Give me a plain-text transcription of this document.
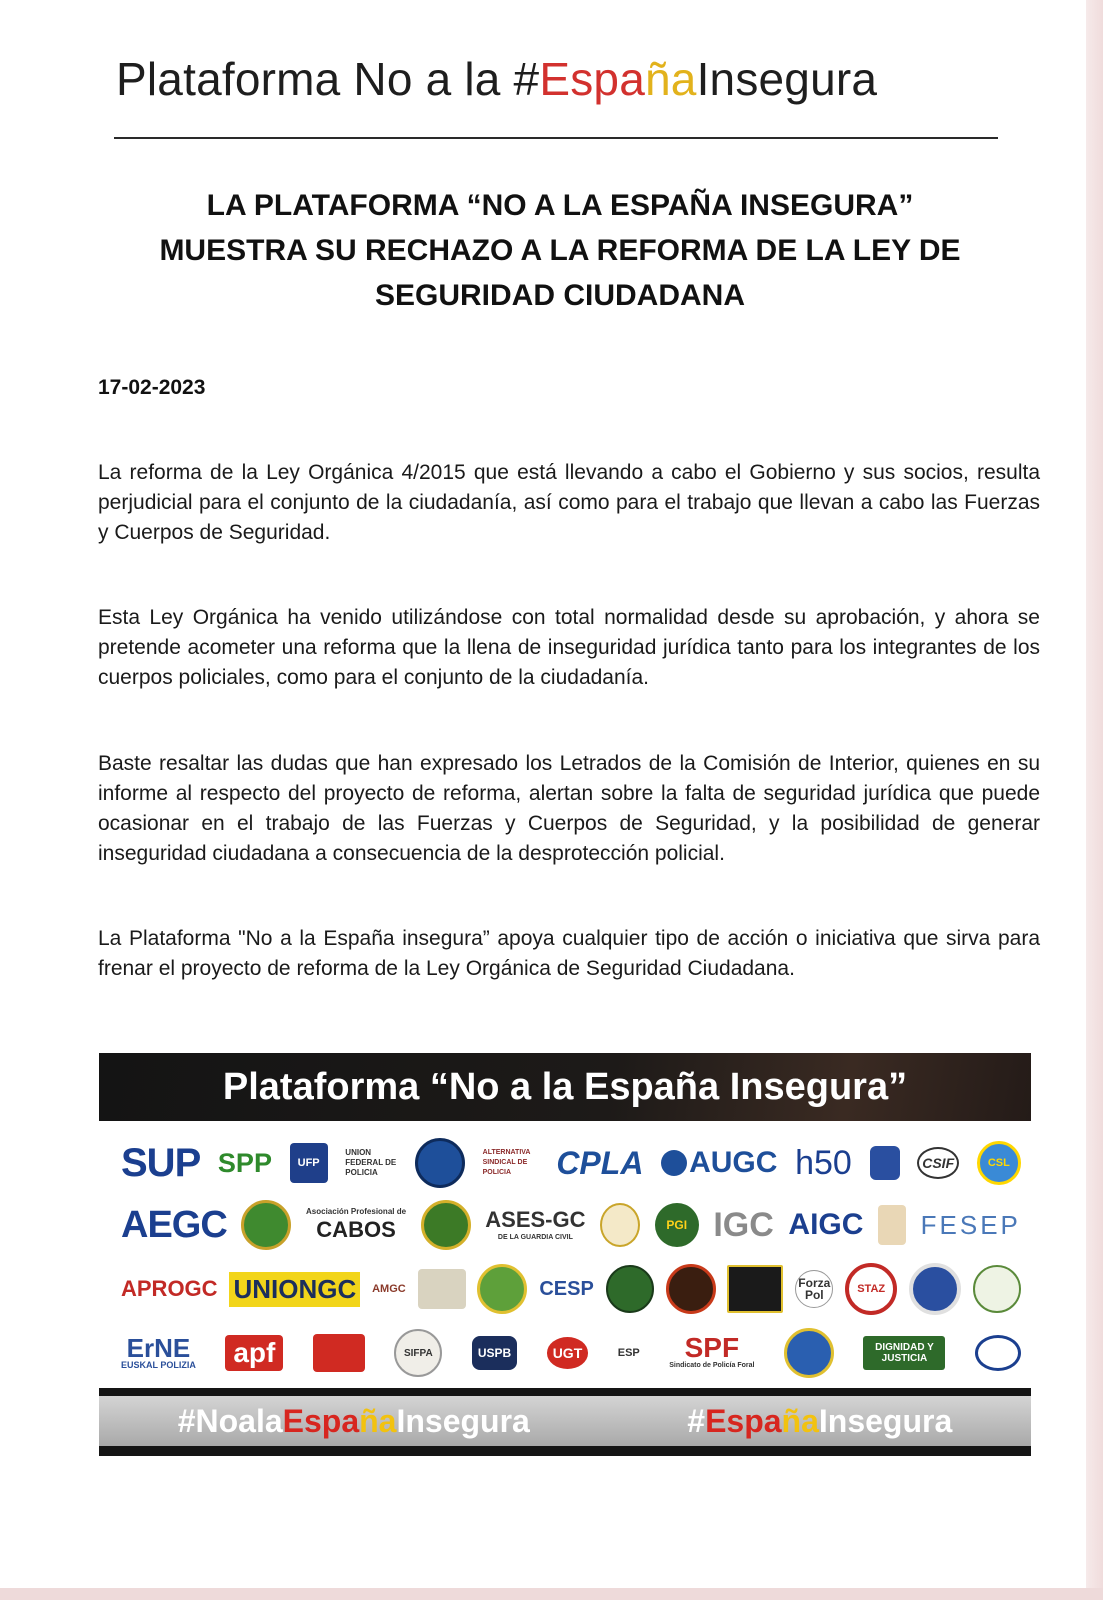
Plataforma No a la #EspañaInsegura
LA PLATAFORMA “NO A LA ESPAÑA INSEGURA”
MUESTRA SU RECHAZO A LA REFORMA DE LA LEY DE
SEGURIDAD CIUDADANA
17-02-2023
La reforma de la Ley Orgánica 4/2015 que está llevando a cabo el Gobierno y sus socios, resulta perjudicial para el conjunto de la ciudadanía, así como para el trabajo que llevan a cabo las Fuerzas y Cuerpos de Seguridad.
Esta Ley Orgánica ha venido utilizándose con total normalidad desde su aprobación, y ahora se pretende acometer una reforma que la llena de inseguridad jurídica tanto para los integrantes de los cuerpos policiales, como para el conjunto de la ciudadanía.
Baste resaltar las dudas que han expresado los Letrados de la Comisión de Interior, quienes en su informe al respecto del proyecto de reforma, alertan sobre la falta de seguridad jurídica que puede ocasionar en el trabajo de las Fuerzas y Cuerpos de Seguridad, y la posibilidad de generar inseguridad ciudadana a consecuencia de la desprotección policial.
La Plataforma ʺNo a la España insegura” apoya cualquier tipo de acción o iniciativa que sirva para frenar el proyecto de reforma de la Ley Orgánica de Seguridad Ciudadana.
Plataforma “No a la España Insegura”
SUP SPP	UFP
UNION FEDERAL DE POLICIA
ALTERNATIVA SINDICAL DE POLICIA	CPLA AUGC h50	CSIF	CSL
AEGC	Asociación Profesional de
CABOS	ASES-GC
DE LA GUARDIA CIVIL
PGI IGC AIGC FESEP
APROGC UNIONGC	AMGC	CESP	Forza Pol	STAZ
ErNE
EUSKAL POLIZIA apf	SIFPA	USPB	UGT	ESP SPF
Sindicato de Policía Foral
DIGNIDAD Y JUSTICIA
#NoalaEspañaInsegura	#EspañaInsegura
